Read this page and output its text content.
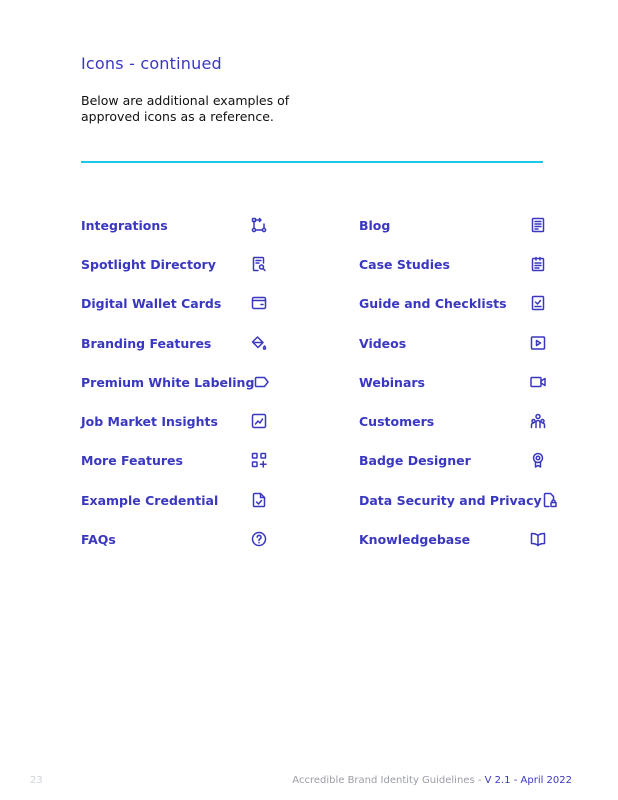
Icons - continued
Below are additional examples of approved icons as a reference.
Integrations
Spotlight Directory
Digital Wallet Cards
Branding Features
Premium White Labeling
Job Market Insights
More Features
Example Credential
FAQs
Blog
Case Studies
Guide and Checklists
Videos
Webinars
Customers
Badge Designer
Data Security and Privacy
Knowledgebase
23	Accredible Brand Identity Guidelines - V 2.1 - April 2022
